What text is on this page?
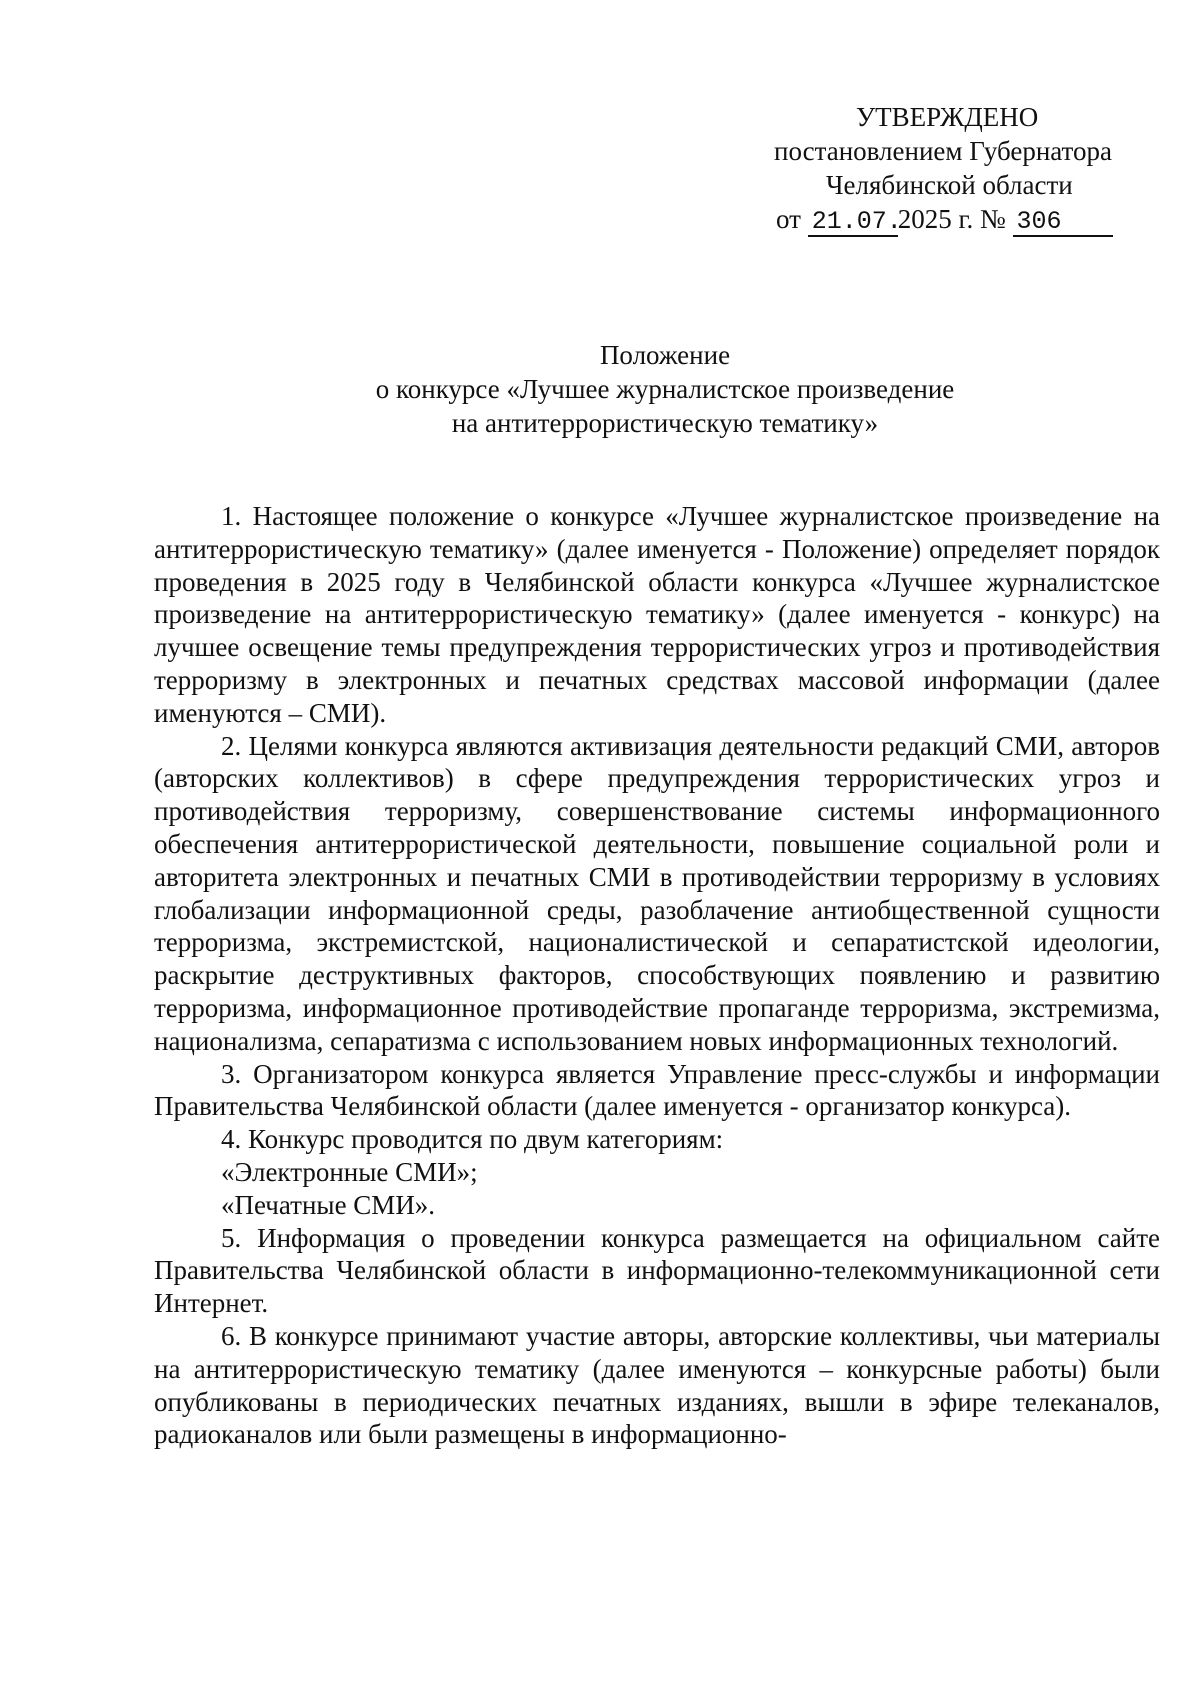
УТВЕРЖДЕНО
постановлением Губернатора
Челябинской области
от 21.07.2025 г. № 306
Положение
о конкурсе «Лучшее журналистское произведение
на антитеррористическую тематику»

1. Настоящее положение о конкурсе «Лучшее журналистское произведение на антитеррористическую тематику» (далее именуется - Положение) определяет порядок проведения в 2025 году в Челябинской области конкурса «Лучшее журналистское произведение на антитеррористическую тематику» (далее именуется - конкурс) на лучшее освещение темы предупреждения террористических угроз и противодействия терроризму в электронных и печатных средствах массовой информации (далее именуются – СМИ).

2. Целями конкурса являются активизация деятельности редакций СМИ, авторов (авторских коллективов) в сфере предупреждения террористических угроз и противодействия терроризму, совершенствование системы информационного обеспечения антитеррористической деятельности, повышение социальной роли и авторитета электронных и печатных СМИ в противодействии терроризму в условиях глобализации информационной среды, разоблачение антиобщественной сущности терроризма, экстремистской, националистической и сепаратистской идеологии, раскрытие деструктивных факторов, способствующих появлению и развитию терроризма, информационное противодействие пропаганде терроризма, экстремизма, национализма, сепаратизма с использованием новых информационных технологий.

3. Организатором конкурса является Управление пресс-службы и информации Правительства Челябинской области (далее именуется - организатор конкурса).

4. Конкурс проводится по двум категориям:

«Электронные СМИ»;

«Печатные СМИ».

5. Информация о проведении конкурса размещается на официальном сайте Правительства Челябинской области в информационно-телекоммуникационной сети Интернет.

6. В конкурсе принимают участие авторы, авторские коллективы, чьи материалы на антитеррористическую тематику (далее именуются – конкурсные работы) были опубликованы в периодических печатных изданиях, вышли в эфире телеканалов, радиоканалов или были размещены в информационно-
